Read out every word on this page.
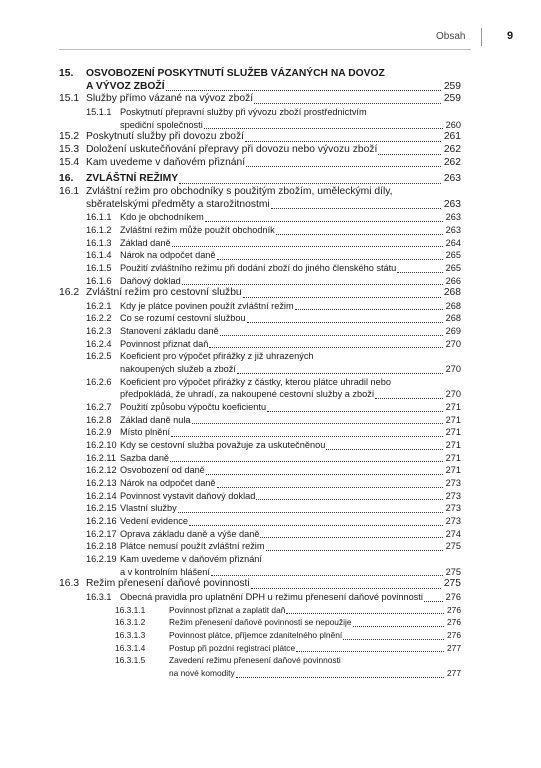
Obsah	9
15.	OSVOBOZENÍ POSKYTNUTÍ SLUŽEB VÁZANÝCH NA DOVOZ
A VÝVOZ ZBOŽÍ	259
15.1 Služby přímo vázané na vývoz zboží	259
15.1.1 Poskytnutí přepravní služby při vývozu zboží prostřednictvím
spediční společnosti	260
15.2 Poskytnutí služby při dovozu zboží	261
15.3 Doložení uskutečňování přepravy při dovozu nebo vývozu zboží	262
15.4 Kam uvedeme v daňovém přiznání	262
16.	ZVLÁŠTNÍ REŽIMY	263
16.1 Zvláštní režim pro obchodníky s použitým zbožím, uměleckými díly,
sběratelskými předměty a starožitnostmi	263
16.1.1 Kdo je obchodníkem	263
16.1.2 Zvláštní režim může použít obchodník	263
16.1.3 Základ daně	264
16.1.4 Nárok na odpočet daně	265
16.1.5 Použití zvláštního režimu při dodání zboží do jiného členského státu	265
16.1.6 Daňový doklad	266
16.2 Zvláštní režim pro cestovní službu	268
16.2.1 Kdy je plátce povinen použít zvláštní režim	268
16.2.2 Co se rozumí cestovní službou	268
16.2.3 Stanovení základu daně	269
16.2.4 Povinnost přiznat daň	270
16.2.5 Koeficient pro výpočet přirážky z již uhrazených
nakoupených služeb a zboží	270
16.2.6 Koeficient pro výpočet přirážky z částky, kterou plátce uhradil nebo
předpokládá, že uhradí, za nakoupené cestovní služby a zboží	270
16.2.7 Použití způsobu výpočtu koeficientu	271
16.2.8 Základ daně nula	271
16.2.9 Místo plnění	271
16.2.10 Kdy se cestovní služba považuje za uskutečněnou	271
16.2.11 Sazba daně	271
16.2.12 Osvobození od daně	271
16.2.13 Nárok na odpočet daně	273
16.2.14 Povinnost vystavit daňový doklad	273
16.2.15 Vlastní služby	273
16.2.16 Vedení evidence	273
16.2.17 Oprava základu daně a výše daně	274
16.2.18 Plátce nemusí použít zvláštní režim	275
16.2.19 Kam uvedeme v daňovém přiznání
a v kontrolním hlášení	275
16.3 Režim přenesení daňové povinnosti	275
16.3.1 Obecná pravidla pro uplatnění DPH u režimu přenesení daňové povinnosti	276
16.3.1.1	Povinnost přiznat a zaplatit daň	276
16.3.1.2	Režim přenesení daňové povinnosti se nepoužije	276
16.3.1.3	Povinnost plátce, příjemce zdanitelného plnění	276
16.3.1.4	Postup při pozdní registraci plátce	277
16.3.1.5	Zavedení režimu přenesení daňové povinnosti
na nové komodity	277
